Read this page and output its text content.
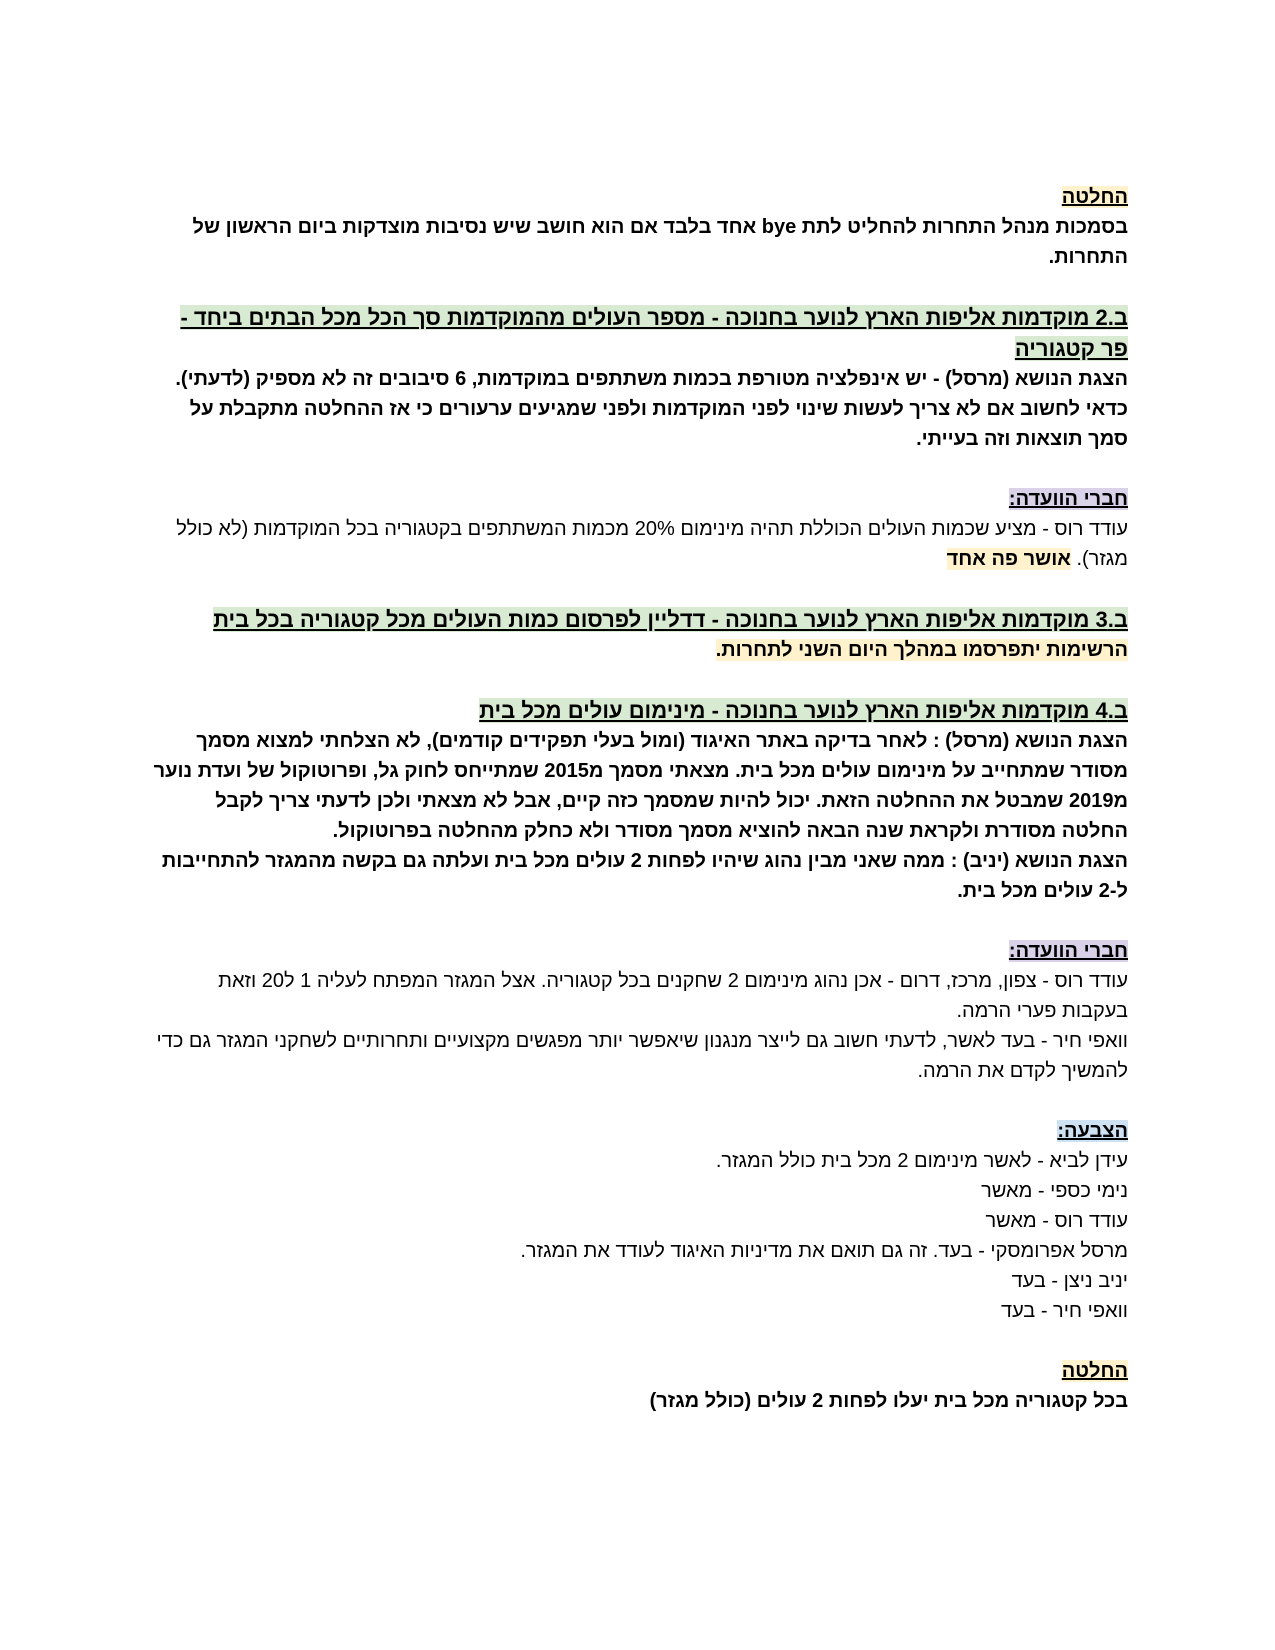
החלטה

בסמכות מנהל התחרות להחליט לתת bye אחד בלבד אם הוא חושב שיש נסיבות מוצדקות ביום הראשון של התחרות.

ב.2 מוקדמות אליפות הארץ לנוער בחנוכה - מספר העולים מהמוקדמות סך הכל מכל הבתים ביחד - פר קטגוריה

הצגת הנושא (מרסל) - יש אינפלציה מטורפת בכמות משתתפים במוקדמות, 6 סיבובים זה לא מספיק (לדעתי). כדאי לחשוב אם לא צריך לעשות שינוי לפני המוקדמות ולפני שמגיעים ערעורים כי אז ההחלטה מתקבלת על סמך תוצאות וזה בעייתי.

חברי הוועדה:

עודד רוס - מציע שכמות העולים הכוללת תהיה מינימום 20% מכמות המשתתפים בקטגוריה בכל המוקדמות (לא כולל מגזר). אושר פה אחד

ב.3 מוקדמות אליפות הארץ לנוער בחנוכה - דדליין לפרסום כמות העולים מכל קטגוריה בכל בית

הרשימות יתפרסמו במהלך היום השני לתחרות.

ב.4 מוקדמות אליפות הארץ לנוער בחנוכה - מינימום עולים מכל בית

הצגת הנושא (מרסל) : לאחר בדיקה באתר האיגוד (ומול בעלי תפקידים קודמים), לא הצלחתי למצוא מסמך מסודר שמתחייב על מינימום עולים מכל בית. מצאתי מסמך מ2015 שמתייחס לחוק גל, ופרוטוקול של ועדת נוער מ2019 שמבטל את ההחלטה הזאת. יכול להיות שמסמך כזה קיים, אבל לא מצאתי ולכן לדעתי צריך לקבל החלטה מסודרת ולקראת שנה הבאה להוציא מסמך מסודר ולא כחלק מהחלטה בפרוטוקול.

הצגת הנושא (יניב) : ממה שאני מבין נהוג שיהיו לפחות 2 עולים מכל בית ועלתה גם בקשה מהמגזר להתחייבות ל-2 עולים מכל בית.

חברי הוועדה:

עודד רוס - צפון, מרכז, דרום - אכן נהוג מינימום 2 שחקנים בכל קטגוריה. אצל המגזר המפתח לעליה 1 ל20 וזאת בעקבות פערי הרמה.

וואפי חיר - בעד לאשר, לדעתי חשוב גם לייצר מנגנון שיאפשר יותר מפגשים מקצועיים ותחרותיים לשחקני המגזר גם כדי להמשיך לקדם את הרמה.

הצבעה:

עידן לביא - לאשר מינימום 2 מכל בית כולל המגזר.

נימי כספי - מאשר

עודד רוס - מאשר

מרסל אפרומסקי - בעד. זה גם תואם את מדיניות האיגוד לעודד את המגזר.

יניב ניצן - בעד

וואפי חיר - בעד

החלטה

בכל קטגוריה מכל בית יעלו לפחות 2 עולים (כולל מגזר)
